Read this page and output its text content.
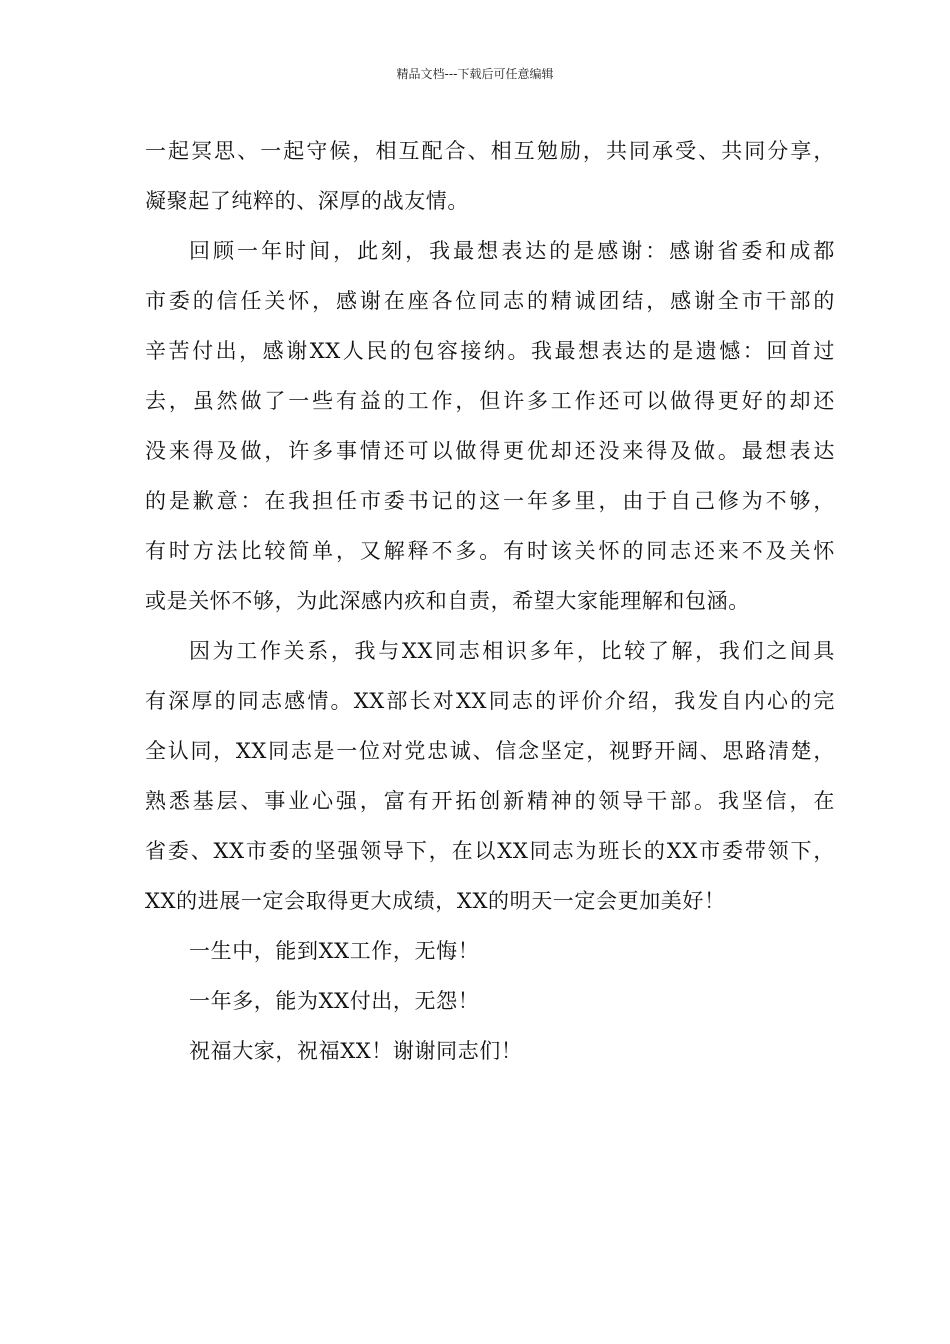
精品文档---下载后可任意编辑
一起冥思、一起守候，相互配合、相互勉励，共同承受、共同分享，
凝聚起了纯粹的、深厚的战友情。
回顾一年时间，此刻，我最想表达的是感谢：感谢省委和成都
市委的信任关怀，感谢在座各位同志的精诚团结，感谢全市干部的
辛苦付出，感谢XX人民的包容接纳。我最想表达的是遗憾：回首过
去，虽然做了一些有益的工作，但许多工作还可以做得更好的却还
没来得及做，许多事情还可以做得更优却还没来得及做。最想表达
的是歉意：在我担任市委书记的这一年多里，由于自己修为不够，
有时方法比较简单，又解释不多。有时该关怀的同志还来不及关怀
或是关怀不够，为此深感内疚和自责，希望大家能理解和包涵。
因为工作关系，我与XX同志相识多年，比较了解，我们之间具
有深厚的同志感情。XX部长对XX同志的评价介绍，我发自内心的完
全认同，XX同志是一位对党忠诚、信念坚定，视野开阔、思路清楚，
熟悉基层、事业心强，富有开拓创新精神的领导干部。我坚信，在
省委、XX市委的坚强领导下，在以XX同志为班长的XX市委带领下，
XX的进展一定会取得更大成绩，XX的明天一定会更加美好！
一生中，能到XX工作，无悔！
一年多，能为XX付出，无怨！
祝福大家，祝福XX！谢谢同志们！
